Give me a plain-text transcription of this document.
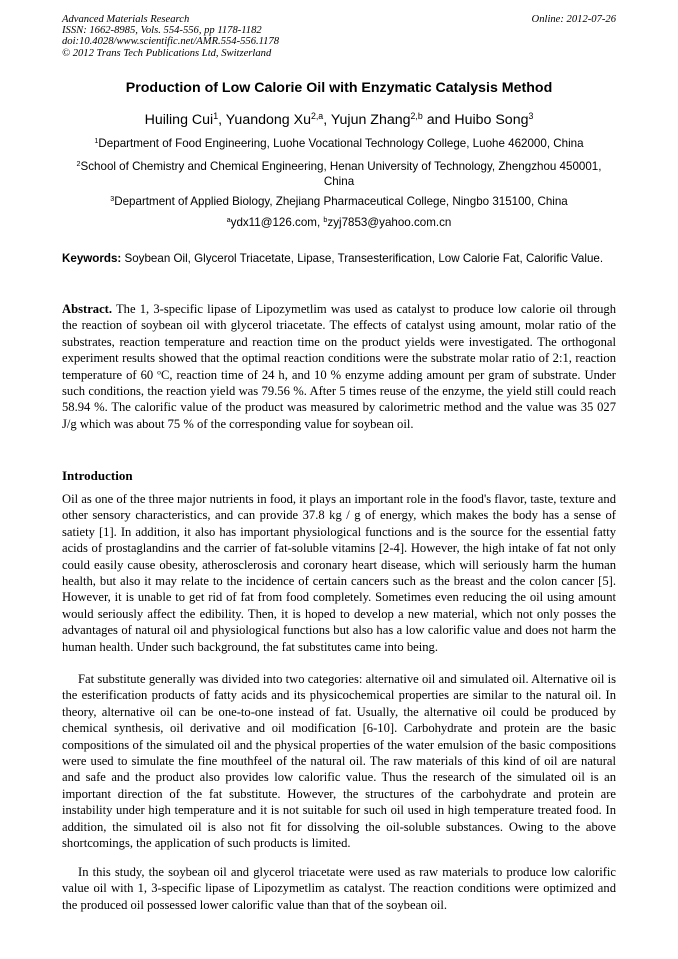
Advanced Materials Research
ISSN: 1662-8985, Vols. 554-556, pp 1178-1182
doi:10.4028/www.scientific.net/AMR.554-556.1178
© 2012 Trans Tech Publications Ltd, Switzerland
Online: 2012-07-26
Production of Low Calorie Oil with Enzymatic Catalysis Method
Huiling Cui$^1$, Yuandong Xu$^{2,a}$, Yujun Zhang$^{2,b}$ and Huibo Song$^3$
$^1$Department of Food Engineering, Luohe Vocational Technology College, Luohe 462000, China
$^2$School of Chemistry and Chemical Engineering, Henan University of Technology, Zhengzhou 450001, China
$^3$Department of Applied Biology, Zhejiang Pharmaceutical College, Ningbo 315100, China
$^a$ydx11@126.com, $^b$zyj7853@yahoo.com.cn
Keywords: Soybean Oil, Glycerol Triacetate, Lipase, Transesterification, Low Calorie Fat, Calorific Value.
Abstract. The 1, 3-specific lipase of Lipozymetlim was used as catalyst to produce low calorie oil through the reaction of soybean oil with glycerol triacetate. The effects of catalyst using amount, molar ratio of the substrates, reaction temperature and reaction time on the product yields were investigated. The orthogonal experiment results showed that the optimal reaction conditions were the substrate molar ratio of 2:1, reaction temperature of 60 $^o$C, reaction time of 24 h, and 10 % enzyme adding amount per gram of substrate. Under such conditions, the reaction yield was 79.56 %. After 5 times reuse of the enzyme, the yield still could reach 58.94 %. The calorific value of the product was measured by calorimetric method and the value was 35 027 J/g which was about 75 % of the corresponding value for soybean oil.
Introduction
Oil as one of the three major nutrients in food, it plays an important role in the food's flavor, taste, texture and other sensory characteristics, and can provide 37.8 kg / g of energy, which makes the body has a sense of satiety [1]. In addition, it also has important physiological functions and is the source for the essential fatty acids of prostaglandins and the carrier of fat-soluble vitamins [2-4]. However, the high intake of fat not only could easily cause obesity, atherosclerosis and coronary heart disease, which will seriously harm the human health, but also it may relate to the incidence of certain cancers such as the breast and the colon cancer [5]. However, it is unable to get rid of fat from food completely. Sometimes even reducing the oil using amount would seriously affect the edibility. Then, it is hoped to develop a new material, which not only posses the advantages of natural oil and physiological functions but also has a low calorific value and does not harm the human health. Under such background, the fat substitutes came into being.
Fat substitute generally was divided into two categories: alternative oil and simulated oil. Alternative oil is the esterification products of fatty acids and its physicochemical properties are similar to the natural oil. In theory, alternative oil can be one-to-one instead of fat. Usually, the alternative oil could be produced by chemical synthesis, oil derivative and oil modification [6-10]. Carbohydrate and protein are the basic compositions of the simulated oil and the physical properties of the water emulsion of the basic compositions were used to simulate the fine mouthfeel of the natural oil. The raw materials of this kind of oil are natural and safe and the product also provides low calorific value. Thus the research of the simulated oil is an important direction of the fat substitute. However, the structures of the carbohydrate and protein are instability under high temperature and it is not suitable for such oil used in high temperature treated food. In addition, the simulated oil is also not fit for dissolving the oil-soluble substances. Owing to the above shortcomings, the application of such products is limited.
In this study, the soybean oil and glycerol triacetate were used as raw materials to produce low calorific value oil with 1, 3-specific lipase of Lipozymetlim as catalyst. The reaction conditions were optimized and the produced oil possessed lower calorific value than that of the soybean oil.
